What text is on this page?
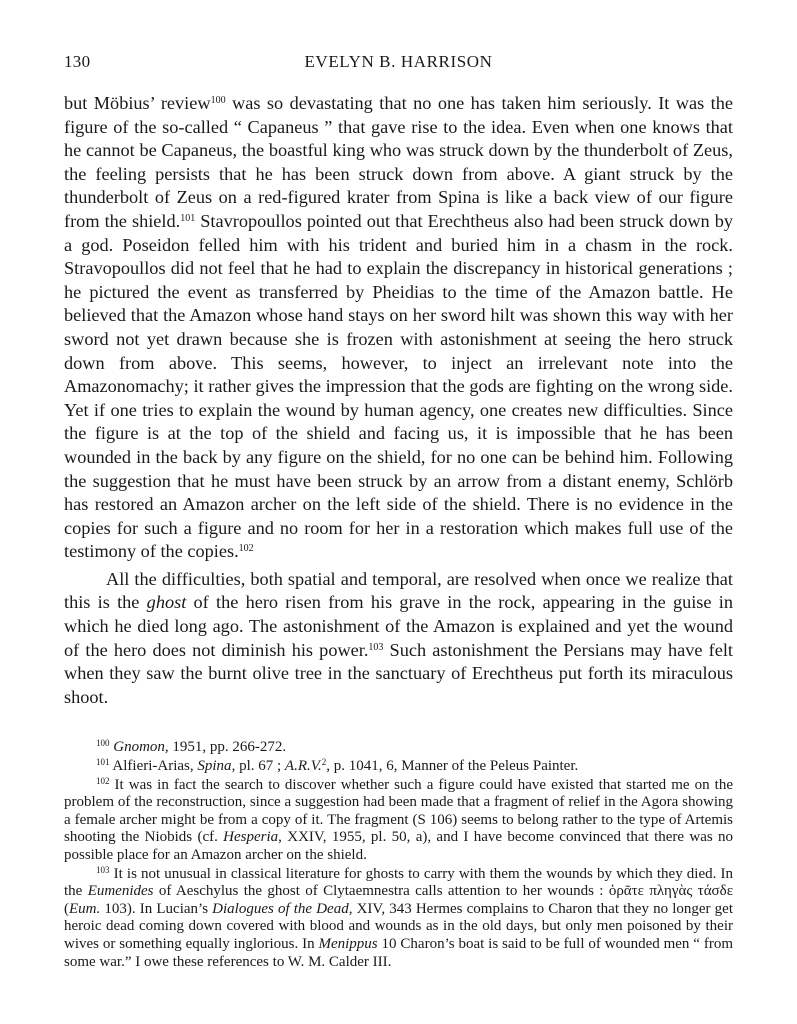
130	EVELYN B. HARRISON

but Möbius’ review$^{100}$ was so devastating that no one has taken him seriously. It was the figure of the so-called “ Capaneus ” that gave rise to the idea. Even when one knows that he cannot be Capaneus, the boastful king who was struck down by the thunderbolt of Zeus, the feeling persists that he has been struck down from above. A giant struck by the thunderbolt of Zeus on a red-figured krater from Spina is like a back view of our figure from the shield.$^{101}$ Stavropoullos pointed out that Erechtheus also had been struck down by a god. Poseidon felled him with his trident and buried him in a chasm in the rock. Stravopoullos did not feel that he had to explain the discrepancy in historical generations ; he pictured the event as transferred by Pheidias to the time of the Amazon battle. He believed that the Amazon whose hand stays on her sword hilt was shown this way with her sword not yet drawn because she is frozen with astonishment at seeing the hero struck down from above. This seems, however, to inject an irrelevant note into the Amazonomachy; it rather gives the impression that the gods are fighting on the wrong side. Yet if one tries to explain the wound by human agency, one creates new difficulties. Since the figure is at the top of the shield and facing us, it is impossible that he has been wounded in the back by any figure on the shield, for no one can be behind him. Following the suggestion that he must have been struck by an arrow from a distant enemy, Schlörb has restored an Amazon archer on the left side of the shield. There is no evidence in the copies for such a figure and no room for her in a restoration which makes full use of the testimony of the copies.$^{102}$

All the difficulties, both spatial and temporal, are resolved when once we realize that this is the ghost of the hero risen from his grave in the rock, appearing in the guise in which he died long ago. The astonishment of the Amazon is explained and yet the wound of the hero does not diminish his power.$^{103}$ Such astonishment the Persians may have felt when they saw the burnt olive tree in the sanctuary of Erechtheus put forth its miraculous shoot.

$^{100}$ Gnomon, 1951, pp. 266-272.

$^{101}$ Alfieri-Arias, Spina, pl. 67 ; A.R.V.$^2$, p. 1041, 6, Manner of the Peleus Painter.

$^{102}$ It was in fact the search to discover whether such a figure could have existed that started me on the problem of the reconstruction, since a suggestion had been made that a fragment of relief in the Agora showing a female archer might be from a copy of it. The fragment (S 106) seems to belong rather to the type of Artemis shooting the Niobids (cf. Hesperia, XXIV, 1955, pl. 50, a), and I have become convinced that there was no possible place for an Amazon archer on the shield.

$^{103}$ It is not unusual in classical literature for ghosts to carry with them the wounds by which they died. In the Eumenides of Aeschylus the ghost of Clytaemnestra calls attention to her wounds : ὁρᾶτε πληγὰς τάσδε (Eum. 103). In Lucian’s Dialogues of the Dead, XIV, 343 Hermes complains to Charon that they no longer get heroic dead coming down covered with blood and wounds as in the old days, but only men poisoned by their wives or something equally inglorious. In Menippus 10 Charon’s boat is said to be full of wounded men “ from some war.” I owe these references to W. M. Calder III.
